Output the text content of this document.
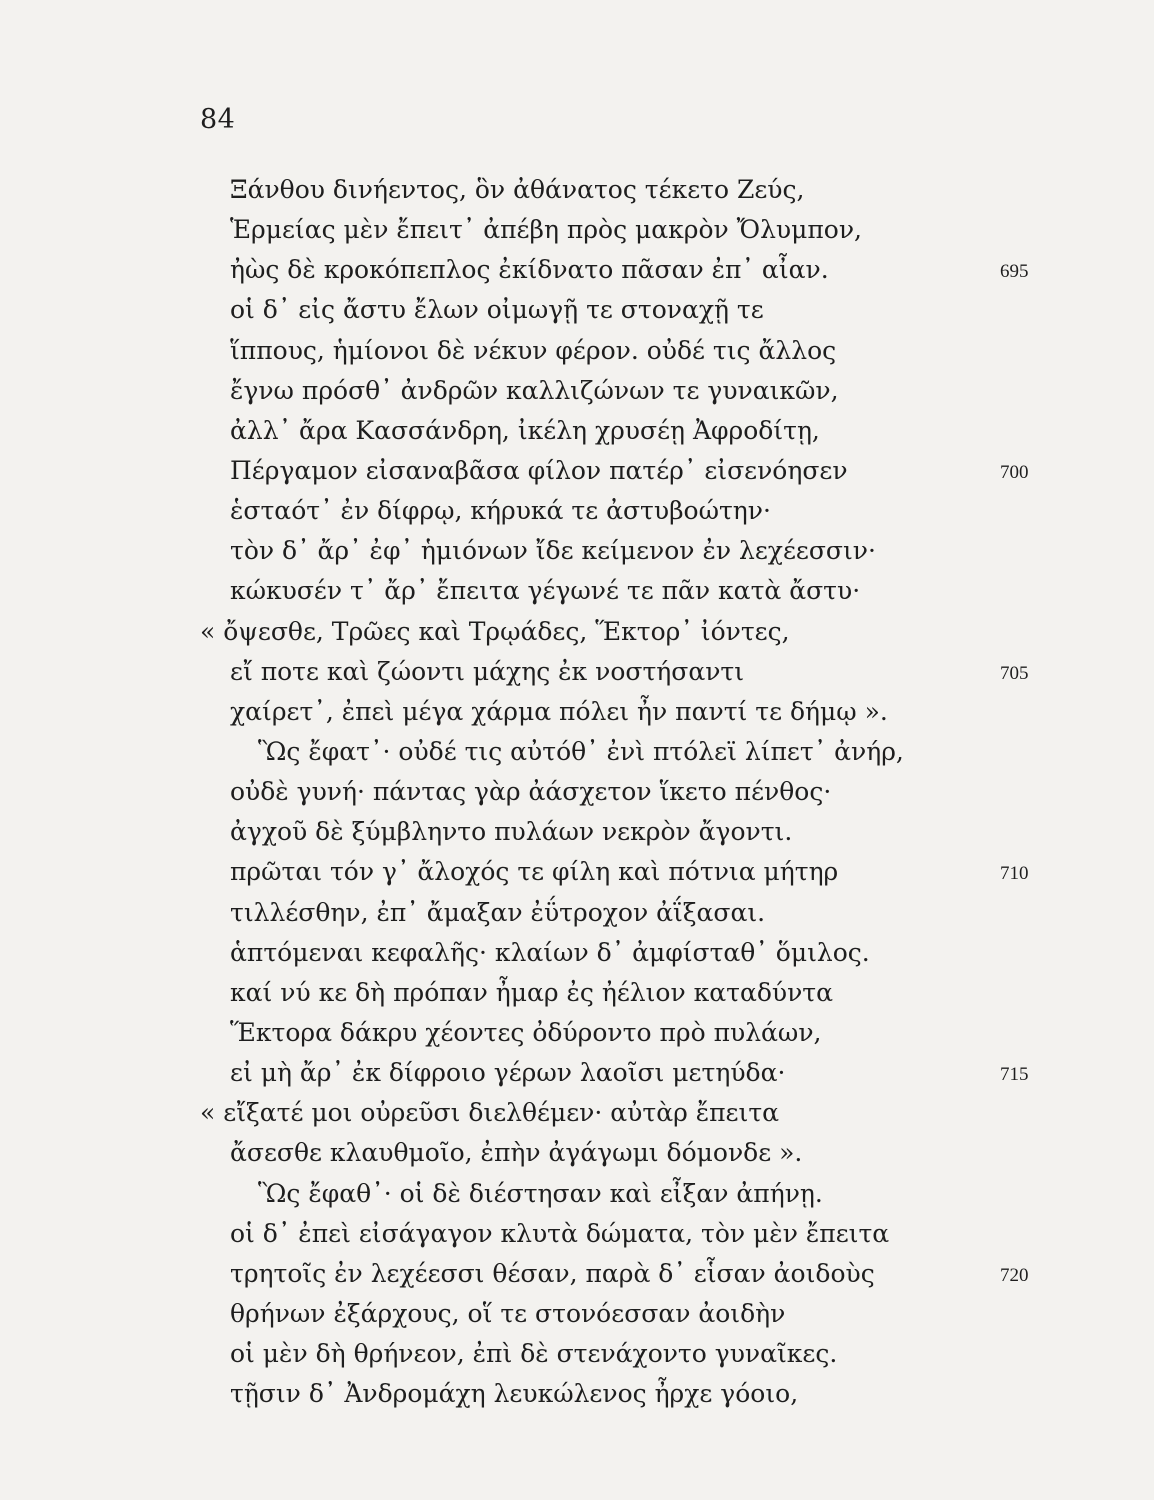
84
Ξάνθου δινήεντος, ὃν ἀθάνατος τέκετο Ζεύς,
Ἑρμείας μὲν ἔπειτ᾽ ἀπέβη πρὸς μακρὸν Ὄλυμπον,
ἠὼς δὲ κροκόπεπλος ἐκίδνατο πᾶσαν ἐπ᾽ αἶαν.	695
οἱ δ᾽ εἰς ἄστυ ἔλων οἰμωγῇ τε στοναχῇ τε
ἵππους, ἡμίονοι δὲ νέκυν φέρον. οὐδέ τις ἄλλος
ἔγνω πρόσθ᾽ ἀνδρῶν καλλιζώνων τε γυναικῶν,
ἀλλ᾽ ἄρα Κασσάνδρη, ἰκέλη χρυσέῃ Ἀφροδίτῃ,
Πέργαμον εἰσαναβᾶσα φίλον πατέρ᾽ εἰσενόησεν	700
ἑσταότ᾽ ἐν δίφρῳ, κήρυκά τε ἀστυβοώτην·
τὸν δ᾽ ἄρ᾽ ἐφ᾽ ἡμιόνων ἴδε κείμενον ἐν λεχέεσσιν·
κώκυσέν τ᾽ ἄρ᾽ ἔπειτα γέγωνέ τε πᾶν κατὰ ἄστυ·
« ὄψεσθε, Τρῶες καὶ Τρῳάδες, Ἕκτορ᾽ ἰόντες,
εἴ ποτε καὶ ζώοντι μάχης ἐκ νοστήσαντι	705
χαίρετ᾽, ἐπεὶ μέγα χάρμα πόλει ἦν παντί τε δήμῳ ».
Ὣς ἔφατ᾽· οὐδέ τις αὐτόθ᾽ ἐνὶ πτόλεϊ λίπετ᾽ ἀνήρ,
οὐδὲ γυνή· πάντας γὰρ ἀάσχετον ἵκετο πένθος·
ἀγχοῦ δὲ ξύμβληντο πυλάων νεκρὸν ἄγοντι.
πρῶται τόν γ᾽ ἄλοχός τε φίλη καὶ πότνια μήτηρ	710
τιλλέσθην, ἐπ᾽ ἄμαξαν ἐΰτροχον ἀΐξασαι.
ἁπτόμεναι κεφαλῆς· κλαίων δ᾽ ἀμφίσταθ᾽ ὅμιλος.
καί νύ κε δὴ πρόπαν ἦμαρ ἐς ἠέλιον καταδύντα
Ἕκτορα δάκρυ χέοντες ὀδύροντο πρὸ πυλάων,
εἰ μὴ ἄρ᾽ ἐκ δίφροιο γέρων λαοῖσι μετηύδα·	715
« εἴξατέ μοι οὐρεῦσι διελθέμεν· αὐτὰρ ἔπειτα
ἄσεσθε κλαυθμοῖο, ἐπὴν ἀγάγωμι δόμονδε ».
Ὣς ἔφαθ᾽· οἱ δὲ διέστησαν καὶ εἶξαν ἀπήνῃ.
οἱ δ᾽ ἐπεὶ εἰσάγαγον κλυτὰ δώματα, τὸν μὲν ἔπειτα
τρητοῖς ἐν λεχέεσσι θέσαν, παρὰ δ᾽ εἷσαν ἀοιδοὺς	720
θρήνων ἐξάρχους, οἵ τε στονόεσσαν ἀοιδὴν
οἱ μὲν δὴ θρήνεον, ἐπὶ δὲ στενάχοντο γυναῖκες.
τῇσιν δ᾽ Ἀνδρομάχη λευκώλενος ἦρχε γόοιο,
